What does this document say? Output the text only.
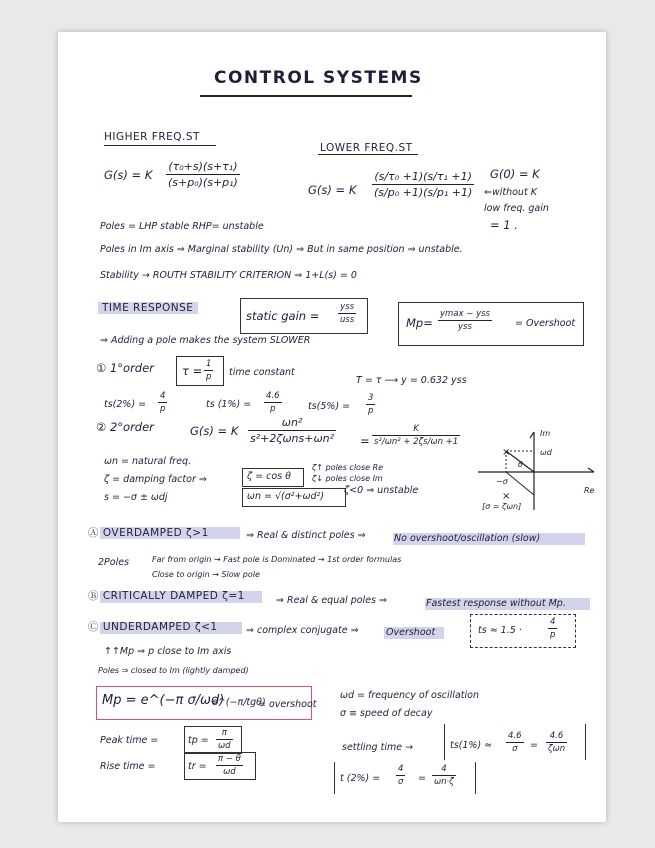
CONTROL SYSTEMS
HIGHER FREQ.ST
G(s) = K
(τ₀+s)(s+τ₁)
(s+p₀)(s+p₁)
LOWER FREQ.ST
G(s) = K
(s/τ₀ +1)(s/τ₁ +1)
(s/p₀ +1)(s/p₁ +1)
G(0) = K
⇐without K
low freq. gain
= 1 .
Poles = LHP stable RHP= unstable
Poles in Im axis ⇒ Marginal stability (Un) ⇒ But in same position ⇒ unstable.
Stability → ROUTH STABILITY CRITERION ⇒ 1+L(s) = 0
TIME RESPONSE
static gain =
yss
uss	Mp=
ymax − yss
yss	= Overshoot
⇒ Adding a pole makes the system SLOWER
① 1°order τ = 1
p time constant
T = τ ⟶ y = 0.632 yss
ts(2%) =
4
p	ts (1%) =
4.6
p	ts(5%) =
3
p
② 2°order	G(s) = K
ωn²
s²+2ζωns+ωn² =
K
s²/ωn² + 2ζs/ωn +1
ωn = natural freq.
ζ = damping factor ⇒	ζ = cos θ
s = −σ ± ωdj	ωn = √(σ²+ωd²)
ζ↑ poles close Re
ζ↓ poles close Im
ζ<0 ⇒ unstable
×
×
Im
Re
ωd
−σ
θ
[σ = ζωn]
Ⓐ OVERDAMPED ζ>1	⇒ Real & distinct poles ⇒	No overshoot/oscillation (slow)
2Poles	Far from origin → Fast pole is Dominated ⇝ 1st order formulas
Close to origin → Slow pole
Ⓑ CRITICALLY DAMPED ζ=1	⇒ Real & equal poles ⇒	Fastest response without Mp.
Ⓒ UNDERDAMPED ζ<1	⇒ complex conjugate ⇒	Overshoot	ts ≈ 1.5 ·
4
p
↑↑Mp ⇒ p close to Im axis
Poles ⇒ closed to Im (lightly damped)
Mp = e^(−π σ/ωd)
e^(−π/tgθ)
= overshoot
ωd = frequency of oscillation
σ ≡ speed of decay
Peak time =	tp =
π
ωd
Rise time =	tr =
π − θ
ωd
settling time →	ts(1%) ≈
4.6
σ =
4.6
ζωn
t (2%) =
4
σ =
4
ωn·ζ
